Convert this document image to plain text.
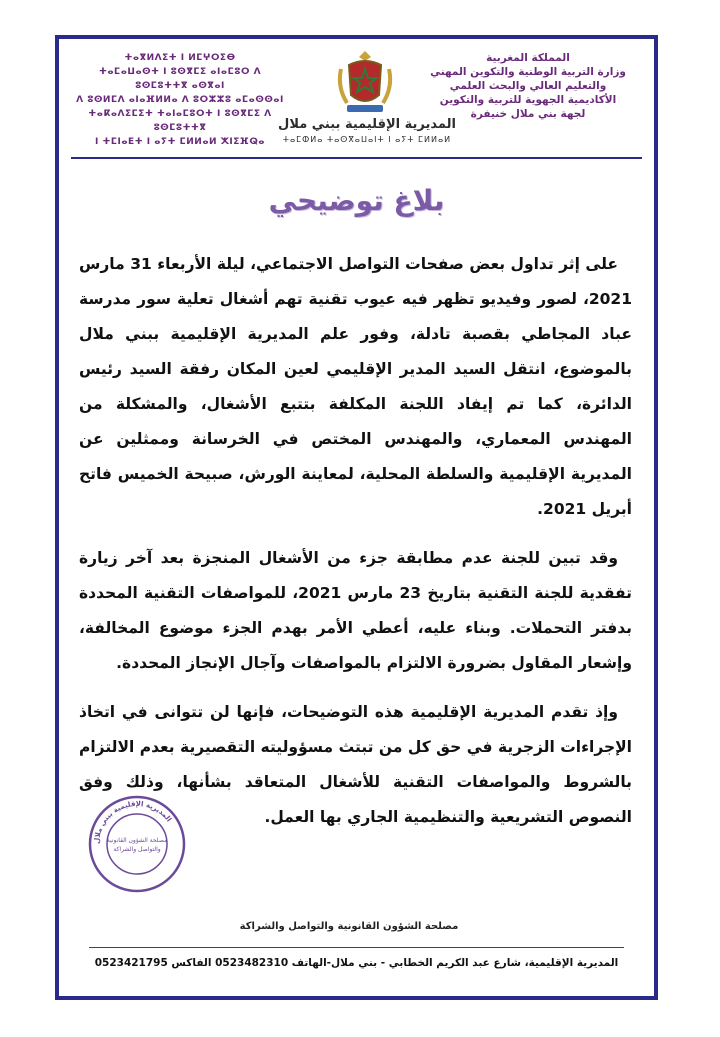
المملكة المغربية
وزارة التربية الوطنية والتكوين المهني
والتعليم العالي والبحث العلمي
الأكاديمية الجهوية للتربية والتكوين
لجهة بني ملال خنيفرة
ⵜⴰⴳⵍⴷⵉⵜ ⵏ ⵍⵎⵖⵔⵉⴱ
ⵜⴰⵎⴰⵡⴰⵙⵜ ⵏ ⵓⵙⴳⵎⵉ ⴰⵏⴰⵎⵓⵔ ⴷ ⵓⵙⵎⵓⵜⵜⴳ ⴰⵙⴳⴰⵏ
ⴷ ⵓⵙⵍⵎⴷ ⴰⵏⴰⴼⵍⵍⴰ ⴷ ⵓⵔⵣⵣⵓ ⴰⵎⴰⵙⵙⴰⵏ
ⵜⴰⴽⴰⴷⵉⵎⵉⵜ ⵜⴰⵏⴰⵎⵓⵔⵜ ⵏ ⵓⵙⴳⵎⵉ ⴷ ⵓⵙⵎⵓⵜⵜⴳ
ⵏ ⵜⵎⵏⴰⴹⵜ ⵏ ⴰⵢⵜ ⵎⵍⵍⴰⵍ ⵅⵏⵉⴼⵕⴰ
المديرية الإقليمية ببني ملال
ⵜⴰⵎⵀⵍⴰ ⵜⴰⵙⴳⴰⵡⴰⵏⵜ ⵏ ⴰⵢⵜ ⵎⵍⵍⴰⵍ
بلاغ توضيحي

على إثر تداول بعض صفحات التواصل الاجتماعي، ليلة الأربعاء 31 مارس 2021، لصور وفيديو تظهر فيه عيوب تقنية تهم أشغال تعلية سور مدرسة عباد المجاطي بقصبة تادلة، وفور علم المديرية الإقليمية ببني ملال بالموضوع، انتقل السيد المدير الإقليمي لعين المكان رفقة السيد رئيس الدائرة، كما تم إيفاد اللجنة المكلفة بتتبع الأشغال، والمشكلة من المهندس المعماري، والمهندس المختص في الخرسانة وممثلين عن المديرية الإقليمية والسلطة المحلية، لمعاينة الورش، صبيحة الخميس فاتح أبريل 2021.

وقد تبين للجنة عدم مطابقة جزء من الأشغال المنجزة بعد آخر زيارة تفقدية للجنة التقنية بتاريخ 23 مارس 2021، للمواصفات التقنية المحددة بدفتر التحملات. وبناء عليه، أعطي الأمر بهدم الجزء موضوع المخالفة، وإشعار المقاول بضرورة الالتزام بالمواصفات وآجال الإنجاز المحددة.

وإذ تقدم المديرية الإقليمية هذه التوضيحات، فإنها لن تتوانى في اتخاذ الإجراءات الزجرية في حق كل من تبتث مسؤوليته التقصيرية بعدم الالتزام بالشروط والمواصفات التقنية للأشغال المتعاقد بشأنها، وذلك وفق النصوص التشريعية والتنظيمية الجاري بها العمل.

المديرية الإقليمية ببني ملال
مصلحة الشؤون القانونية
والتواصل والشراكة
مصلحة الشؤون القانونية والتواصل والشراكة
المديرية الإقليمية، شارع عبد الكريم الخطابي - بني ملال-الهاتف 0523482310 الفاكس 0523421795
